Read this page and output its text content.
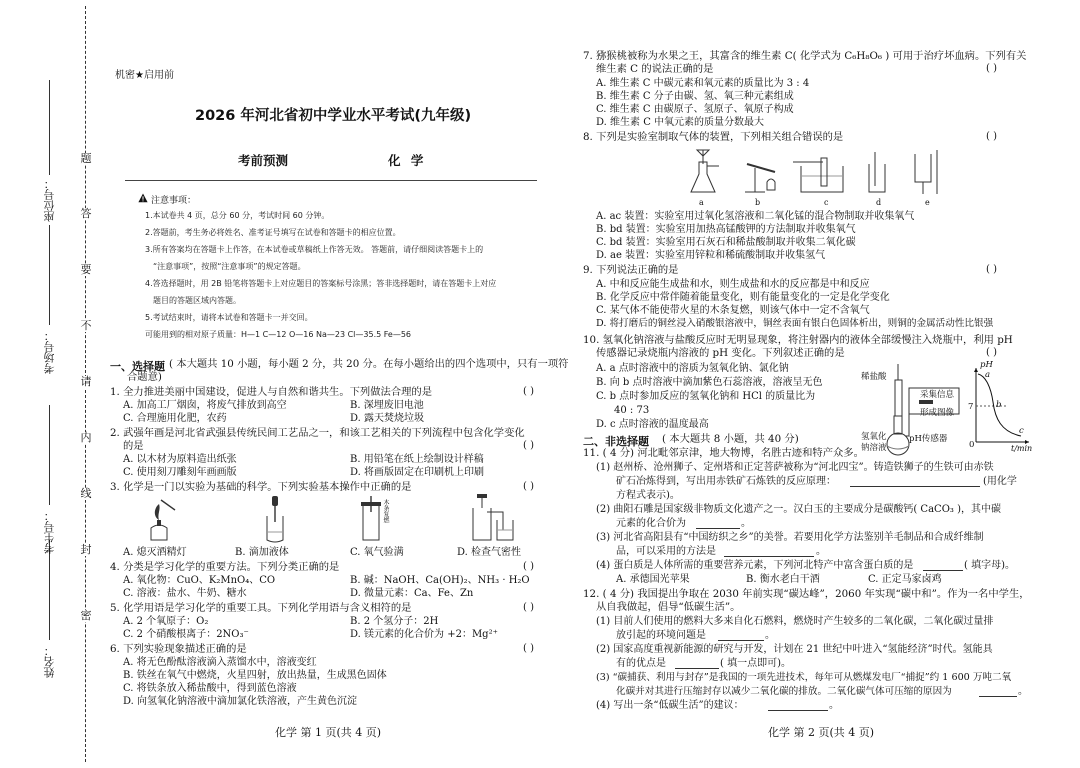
姓名：
考生号：
考场号：
座位号：
题
答
要
不
请
内
线
封
密
机密★启用前
2026 年河北省初中学业水平考试(九年级)
考前预测	化 学
注意事项：
1.本试卷共 4 页，总分 60 分，考试时间 60 分钟。
2.答题前，考生务必将姓名、准考证号填写在试卷和答题卡的相应位置。
3.所有答案均在答题卡上作答，在本试卷或草稿纸上作答无效。 答题前，请仔细阅读答题卡上的
“注意事项”，按照“注意事项”的规定答题。
4.答选择题时，用 2B 铅笔将答题卡上对应题目的答案标号涂黑；答非选择题时，请在答题卡上对应
题目的答题区域内答题。
5.考试结束时，请将本试卷和答题卡一并交回。
可能用到的相对原子质量：H—1 C—12 O—16 Na—23 Cl—35.5 Fe—56
一、选择题 ( 本大题共 10 小题，每小题 2 分，共 20 分。在每小题给出的四个选项中，只有一项符
合题意)
1. 全力推进美丽中国建设，促进人与自然和谐共生。下列做法合理的是	( )
A. 加高工厂烟囱，将废气排放到高空	B. 深埋废旧电池
C. 合理施用化肥，农药	D. 露天焚烧垃圾
2. 武强年画是河北省武强县传统民间工艺品之一，和该工艺相关的下列流程中包含化学变化
的是	( )
A. 以木材为原料造出纸张	B. 用铅笔在纸上绘制设计样稿
C. 使用刻刀雕刻年画画版	D. 将画版固定在印刷机上印刷
3. 化学是一门以实验为基础的科学。下列实验基本操作中正确的是	( )
木条复燃
A. 熄灭酒精灯	B. 滴加液体	C. 氧气验满	D. 检查气密性
4. 分类是学习化学的重要方法。下列分类正确的是	( )
A. 氧化物：CuO、K₂MnO₄、CO	B. 碱：NaOH、Ca(OH)₂、NH₃ · H₂O
C. 溶液：盐水、牛奶、糖水	D. 微量元素：Ca、Fe、Zn
5. 化学用语是学习化学的重要工具。下列化学用语与含义相符的是	( )
A. 2 个氧原子：O₂	B. 2 个氢分子：2H
C. 2 个硝酸根离子：2NO₃⁻	D. 镁元素的化合价为 +2：Mg²⁺
6. 下列实验现象描述正确的是	( )
A. 将无色酚酞溶液滴入蒸馏水中，溶液变红
B. 铁丝在氧气中燃烧，火星四射，放出热量，生成黑色固体
C. 将铁条放入稀盐酸中，得到蓝色溶液
D. 向氢氧化钠溶液中滴加氯化铁溶液，产生黄色沉淀
化学 第 1 页(共 4 页)
7. 猕猴桃被称为水果之王，其富含的维生素 C( 化学式为 C₆H₈O₆ ) 可用于治疗坏血病。下列有关
维生素 C 的说法正确的是	( )
A. 维生素 C 中碳元素和氧元素的质量比为 3 : 4
B. 维生素 C 分子由碳、氢、氧三种元素组成
C. 维生素 C 由碳原子、氢原子、氧原子构成
D. 维生素 C 中氧元素的质量分数最大
8. 下列是实验室制取气体的装置，下列相关组合错误的是	( )
a	b	c	d	e
A. ac 装置：实验室用过氧化氢溶液和二氧化锰的混合物制取并收集氧气
B. bd 装置：实验室用加热高锰酸钾的方法制取并收集氧气
C. bd 装置：实验室用石灰石和稀盐酸制取并收集二氧化碳
D. ae 装置：实验室用锌粒和稀硫酸制取并收集氢气
9. 下列说法正确的是	( )
A. 中和反应能生成盐和水，则生成盐和水的反应都是中和反应
B. 化学反应中常伴随着能量变化，则有能量变化的一定是化学变化
C. 某气体不能使带火星的木条复燃，则该气体中一定不含氧气
D. 将打磨后的铜丝浸入硝酸银溶液中，铜丝表面有银白色固体析出，则铜的金属活动性比银强
10. 氢氧化钠溶液与盐酸反应时无明显现象，将注射器内的液体全部缓慢注入烧瓶中，利用 pH
传感器记录烧瓶内溶液的 pH 变化。下列叙述正确的是	( )
A. a 点时溶液中的溶质为氢氧化钠、氯化钠
B. 向 b 点时溶液中滴加紫色石蕊溶液，溶液呈无色
C. b 点时参加反应的氢氧化钠和 HCl 的质量比为
40 : 73
D. c 点时溶液的温度最高
稀盐酸
采集信息
形成图像
氢氧化
钠溶液
pH传感器
pH
t/min
7
0
a
b
c
二、非选择题 ( 本大题共 8 小题，共 40 分)
11. ( 4 分) 河北毗邻京津，地大物博，名胜古迹和特产众多。
(1) 赵州桥、沧州狮子、定州塔和正定菩萨被称为“河北四宝”。铸造铁狮子的生铁可由赤铁
矿石冶炼得到，写出用赤铁矿石炼铁的反应原理：	(用化学
方程式表示)。
(2) 曲阳石雕是国家级非物质文化遗产之一。汉白玉的主要成分是碳酸钙( CaCO₃ )，其中碳
元素的化合价为	。
(3) 河北省高阳县有“中国纺织之乡”的美誉。若要用化学方法鉴别羊毛制品和合成纤维制
品，可以采用的方法是	。
(4) 蛋白质是人体所需的重要营养元素，下列河北特产中富含蛋白质的是	( 填字母)。
A. 承德国光苹果	B. 衡水老白干酒	C. 正定马家卤鸡
12. ( 4 分) 我国提出争取在 2030 年前实现“碳达峰”，2060 年实现“碳中和”。作为一名中学生，
从自我做起，倡导“低碳生活”。
(1) 目前人们使用的燃料大多来自化石燃料，燃烧时产生较多的二氧化碳，二氧化碳过量排
放引起的环境问题是	。
(2) 国家高度重视新能源的研究与开发，计划在 21 世纪中叶进入“氢能经济”时代。氢能具
有的优点是	( 填一点即可)。
(3) “碳捕获、利用与封存”是我国的一项先进技术，每年可从燃煤发电厂“捕捉”约 1 600 万吨二氧
化碳并对其进行压缩封存以减少二氧化碳的排放。二氧化碳气体可压缩的原因为	。
(4) 写出一条“低碳生活”的建议：	。
化学 第 2 页(共 4 页)
